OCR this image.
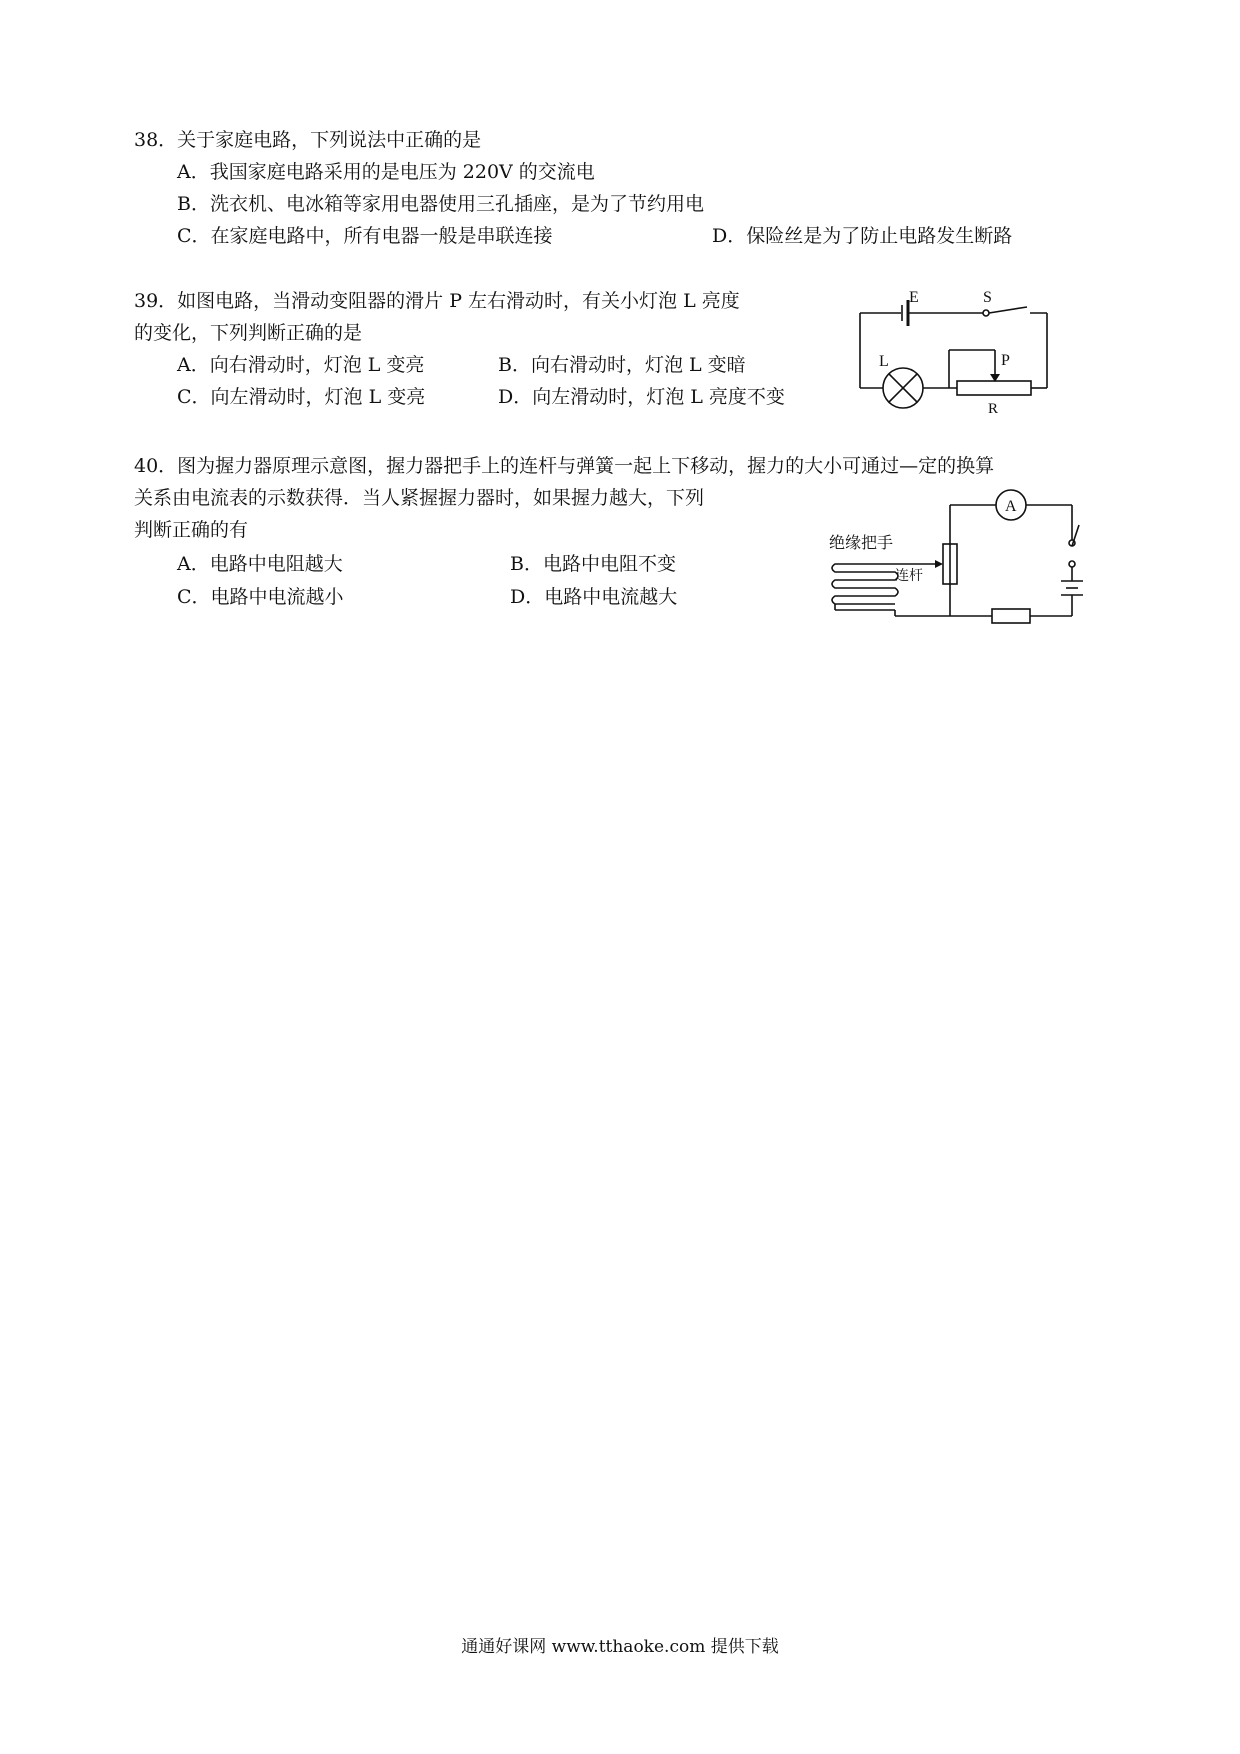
38．关于家庭电路，下列说法中正确的是
A．我国家庭电路采用的是电压为 220V 的交流电
B．洗衣机、电冰箱等家用电器使用三孔插座，是为了节约用电
C．在家庭电路中，所有电器一般是串联连接	D．保险丝是为了防止电路发生断路
39．如图电路，当滑动变阻器的滑片 P 左右滑动时，有关小灯泡 L 亮度
的变化，下列判断正确的是
A．向右滑动时，灯泡 L 变亮	B．向右滑动时，灯泡 L 变暗
C．向左滑动时，灯泡 L 变亮	D．向左滑动时，灯泡 L 亮度不变
E	S
L	P
R
40．图为握力器原理示意图，握力器把手上的连杆与弹簧一起上下移动，握力的大小可通过—定的换算
关系由电流表的示数获得．当人紧握握力器时，如果握力越大，下列
判断正确的有
A．电路中电阻越大	B．电路中电阻不变
C．电路中电流越小	D．电路中电流越大
A
绝缘把手
连杆
通通好课网 www.tthaoke.com 提供下载
